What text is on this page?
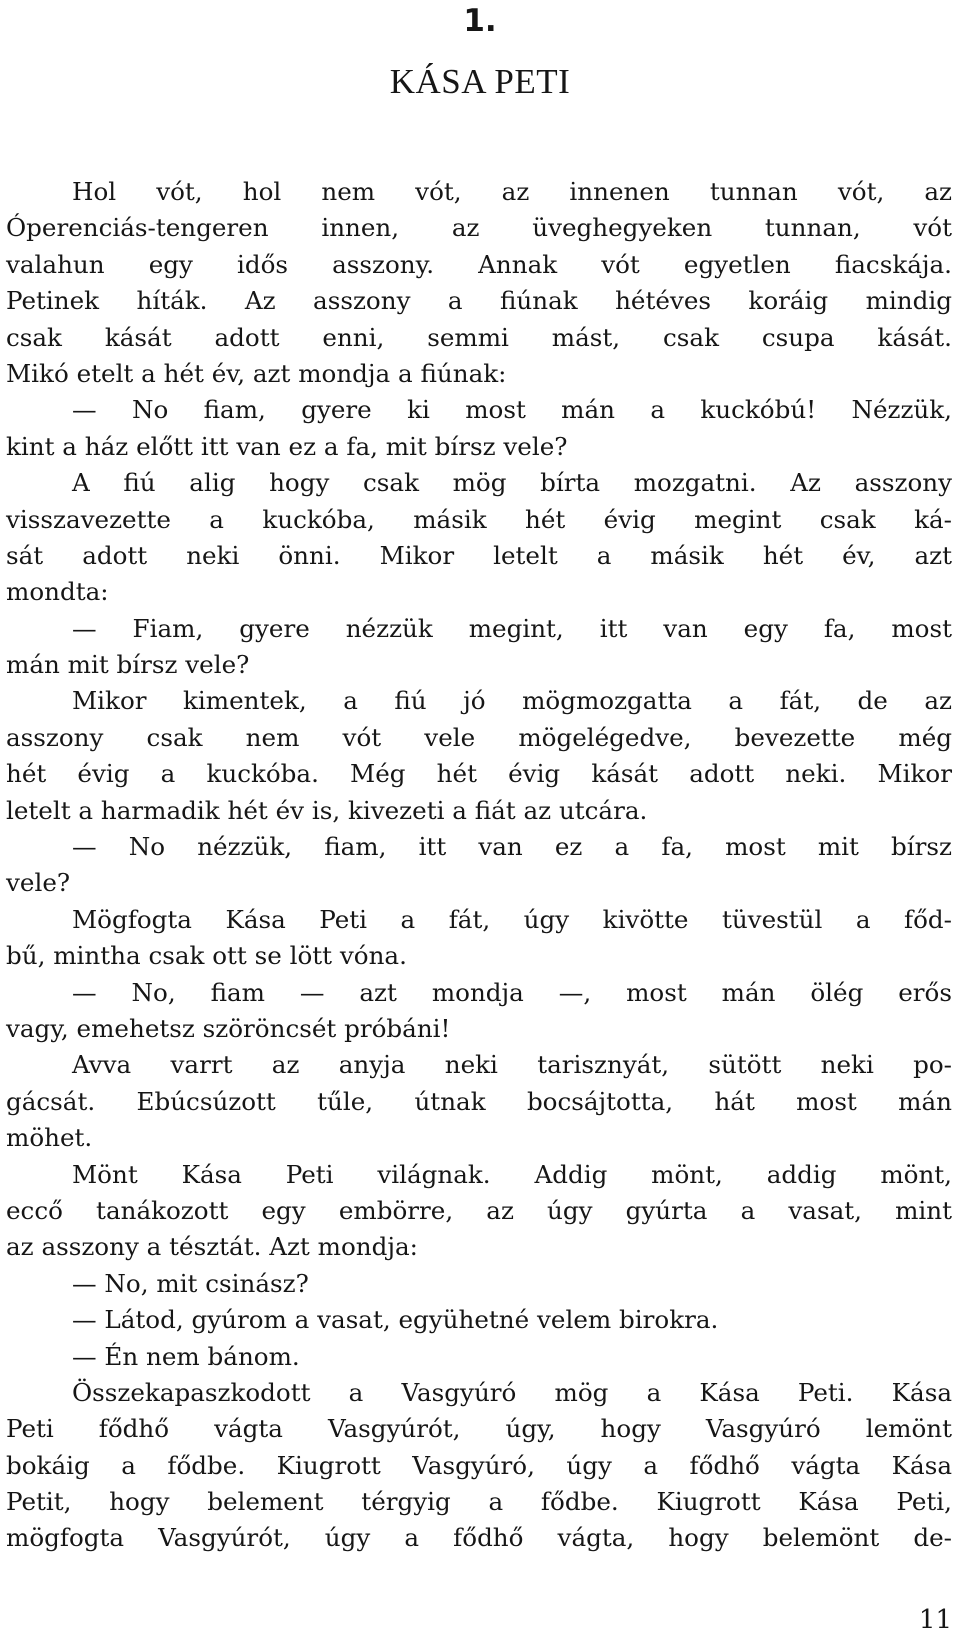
1.
KÁSA PETI
Hol vót, hol nem vót, az innenen tunnan vót, az
Óperenciás-tengeren innen, az üveghegyeken tunnan, vót
valahun egy idős asszony. Annak vót egyetlen fiacskája.
Petinek híták. Az asszony a fiúnak hétéves koráig mindig
csak kását adott enni, semmi mást, csak csupa kását.
Mikó etelt a hét év, azt mondja a fiúnak:
— No fiam, gyere ki most mán a kuckóbú! Nézzük,
kint a ház előtt itt van ez a fa, mit bírsz vele?
A fiú alig hogy csak mög bírta mozgatni. Az asszony
visszavezette a kuckóba, másik hét évig megint csak ká-
sát adott neki önni. Mikor letelt a másik hét év, azt
mondta:
— Fiam, gyere nézzük megint, itt van egy fa, most
mán mit bírsz vele?
Mikor kimentek, a fiú jó mögmozgatta a fát, de az
asszony csak nem vót vele mögelégedve, bevezette még
hét évig a kuckóba. Még hét évig kását adott neki. Mikor
letelt a harmadik hét év is, kivezeti a fiát az utcára.
— No nézzük, fiam, itt van ez a fa, most mit bírsz
vele?
Mögfogta Kása Peti a fát, úgy kivötte tüvestül a főd-
bű, mintha csak ott se lött vóna.
— No, fiam — azt mondja —, most mán ölég erős
vagy, emehetsz szöröncsét próbáni!
Avva varrt az anyja neki tarisznyát, sütött neki po-
gácsát. Ebúcsúzott tűle, útnak bocsájtotta, hát most mán
möhet.
Mönt Kása Peti világnak. Addig mönt, addig mönt,
eccő tanákozott egy embörre, az úgy gyúrta a vasat, mint
az asszony a tésztát. Azt mondja:
— No, mit csinász?
— Látod, gyúrom a vasat, együhetné velem birokra.
— Én nem bánom.
Összekapaszkodott a Vasgyúró mög a Kása Peti. Kása
Peti fődhő vágta Vasgyúrót, úgy, hogy Vasgyúró lemönt
bokáig a fődbe. Kiugrott Vasgyúró, úgy a fődhő vágta Kása
Petit, hogy belement térgyig a fődbe. Kiugrott Kása Peti,
mögfogta Vasgyúrót, úgy a fődhő vágta, hogy belemönt de-
11
